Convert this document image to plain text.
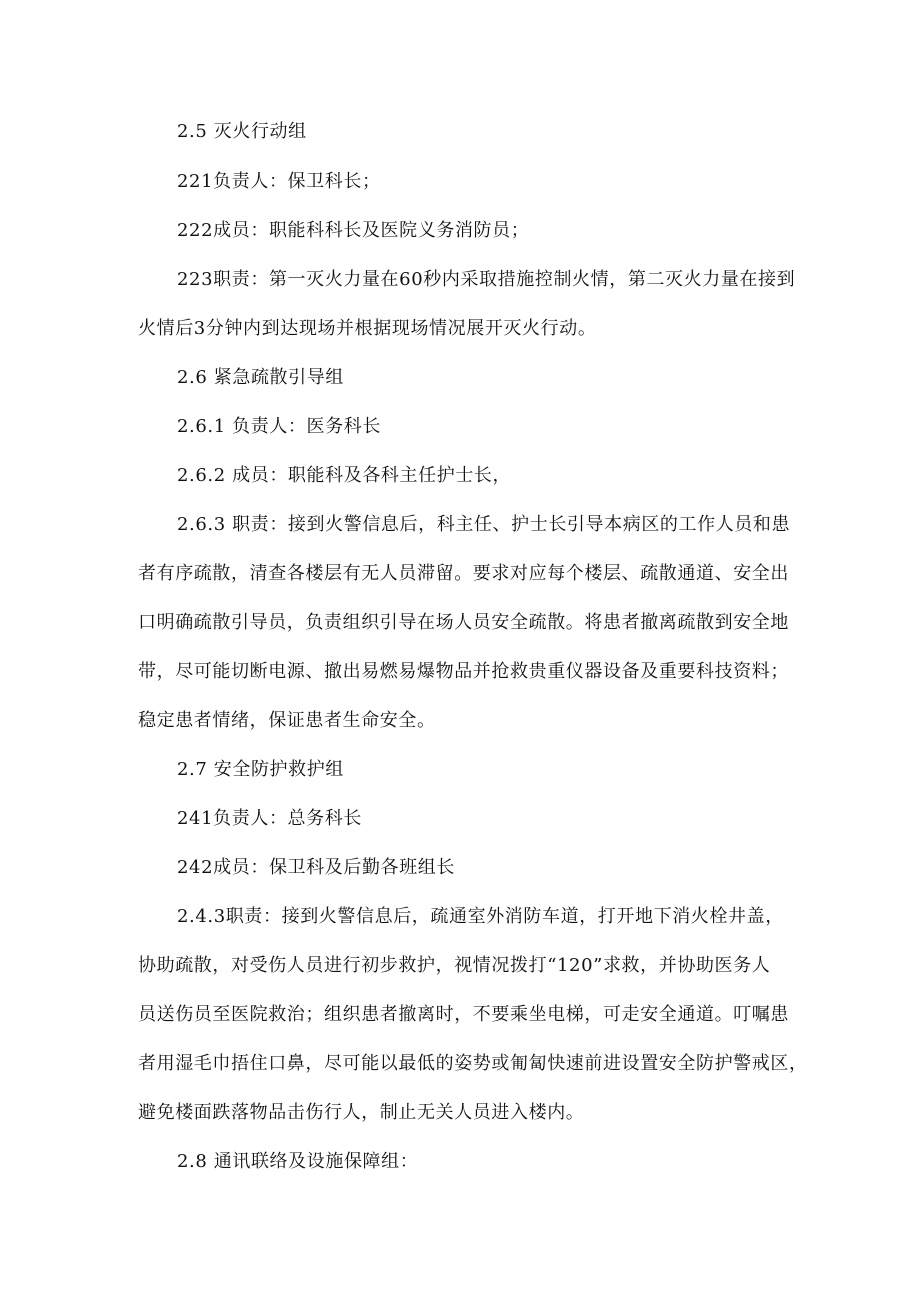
2.5 灭火行动组
221负责人：保卫科长；
222成员：职能科科长及医院义务消防员；
223职责：第一灭火力量在60秒内采取措施控制火情，第二灭火力量在接到
火情后3分钟内到达现场并根据现场情况展开灭火行动。
2.6 紧急疏散引导组
2.6.1 负责人：医务科长
2.6.2 成员：职能科及各科主任护士长，
2.6.3 职责：接到火警信息后，科主任、护士长引导本病区的工作人员和患
者有序疏散，清查各楼层有无人员滞留。要求对应每个楼层、疏散通道、安全出
口明确疏散引导员，负责组织引导在场人员安全疏散。将患者撤离疏散到安全地
带，尽可能切断电源、撤出易燃易爆物品并抢救贵重仪器设备及重要科技资料；
稳定患者情绪，保证患者生命安全。
2.7 安全防护救护组
241负责人：总务科长
242成员：保卫科及后勤各班组长
2.4.3职责：接到火警信息后，疏通室外消防车道，打开地下消火栓井盖，
协助疏散，对受伤人员进行初步救护，视情况拨打“120”求救，并协助医务人
员送伤员至医院救治；组织患者撤离时，不要乘坐电梯，可走安全通道。叮嘱患
者用湿毛巾捂住口鼻，尽可能以最低的姿势或匍匐快速前进设置安全防护警戒区，
避免楼面跌落物品击伤行人，制止无关人员进入楼内。
2.8 通讯联络及设施保障组：
